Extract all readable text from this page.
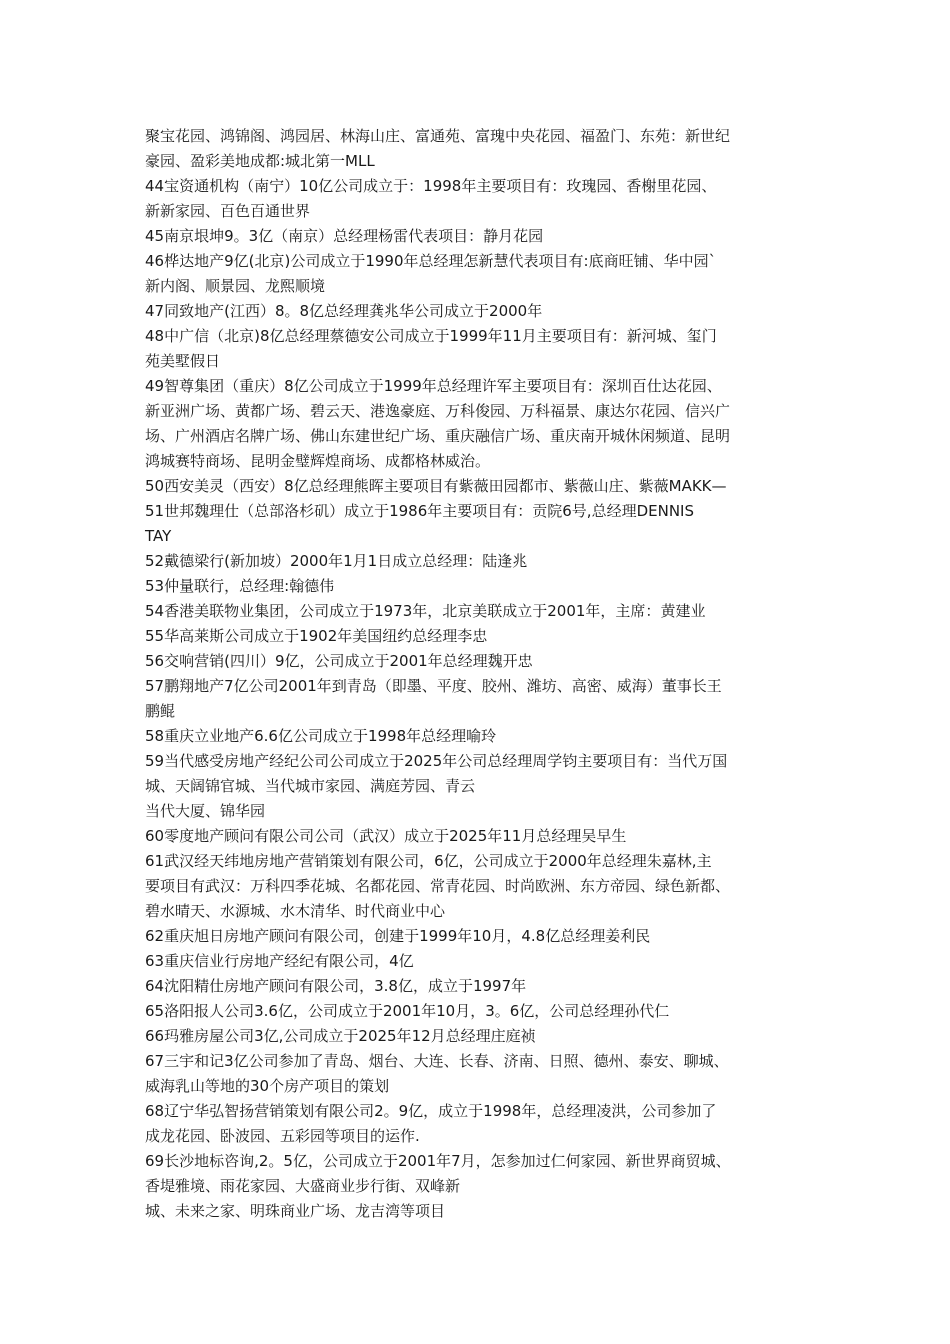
聚宝花园、鸿锦阁、鸿园居、林海山庄、富通苑、富瑰中央花园、福盈门、东苑：新世纪
豪园、盈彩美地成都:城北第一MLL
44宝资通机构（南宁）10亿公司成立于：1998年主要项目有：玫瑰园、香榭里花园、
新新家园、百色百通世界
45南京垠坤9。3亿（南京）总经理杨雷代表项目：静月花园
46桦达地产9亿(北京)公司成立于1990年总经理怎新慧代表项目有:底商旺铺、华中园`
新内阁、顺景园、龙熙顺境
47同致地产(江西）8。8亿总经理龚兆华公司成立于2000年
48中广信（北京)8亿总经理蔡德安公司成立于1999年11月主要项目有：新河城、玺门
苑美墅假日
49智尊集团（重庆）8亿公司成立于1999年总经理许军主要项目有：深圳百仕达花园、
新亚洲广场、黄都广场、碧云天、港逸豪庭、万科俊园、万科福景、康达尔花园、信兴广
场、广州酒店名牌广场、佛山东建世纪广场、重庆融信广场、重庆南开城休闲频道、昆明
鸿城赛特商场、昆明金璧辉煌商场、成都格林威治。
50西安美灵（西安）8亿总经理熊晖主要项目有紫薇田园都市、紫薇山庄、紫薇MAKK—
51世邦魏理仕（总部洛杉矶）成立于1986年主要项目有：贡院6号,总经理DENNIS
TAY
52戴德梁行(新加坡）2000年1月1日成立总经理：陆逢兆
53仲量联行，总经理:翰德伟
54香港美联物业集团，公司成立于1973年，北京美联成立于2001年，主席：黄建业
55华高莱斯公司成立于1902年美国纽约总经理李忠
56交响营销(四川）9亿，公司成立于2001年总经理魏开忠
57鹏翔地产7亿公司2001年到青岛（即墨、平度、胶州、潍坊、高密、威海）董事长王
鹏鲲
58重庆立业地产6.6亿公司成立于1998年总经理喻玲
59当代感受房地产经纪公司公司成立于2025年公司总经理周学钧主要项目有：当代万国
城、天阔锦官城、当代城市家园、满庭芳园、青云
当代大厦、锦华园
60零度地产顾问有限公司公司（武汉）成立于2025年11月总经理吴早生
61武汉经天纬地房地产营销策划有限公司，6亿，公司成立于2000年总经理朱嘉林,主
要项目有武汉：万科四季花城、名都花园、常青花园、时尚欧洲、东方帝园、绿色新都、
碧水晴天、水源城、水木清华、时代商业中心
62重庆旭日房地产顾问有限公司，创建于1999年10月，4.8亿总经理姜利民
63重庆信业行房地产经纪有限公司，4亿
64沈阳精仕房地产顾问有限公司，3.8亿，成立于1997年
65洛阳报人公司3.6亿，公司成立于2001年10月，3。6亿，公司总经理孙代仁
66玛雅房屋公司3亿,公司成立于2025年12月总经理庄庭祯
67三宇和记3亿公司参加了青岛、烟台、大连、长春、济南、日照、德州、泰安、聊城、
威海乳山等地的30个房产项目的策划
68辽宁华弘智扬营销策划有限公司2。9亿，成立于1998年，总经理凌洪，公司参加了
成龙花园、卧波园、五彩园等项目的运作.
69长沙地标咨询,2。5亿，公司成立于2001年7月，怎参加过仁何家园、新世界商贸城、
香堤雅境、雨花家园、大盛商业步行街、双峰新
城、未来之家、明珠商业广场、龙吉湾等项目
